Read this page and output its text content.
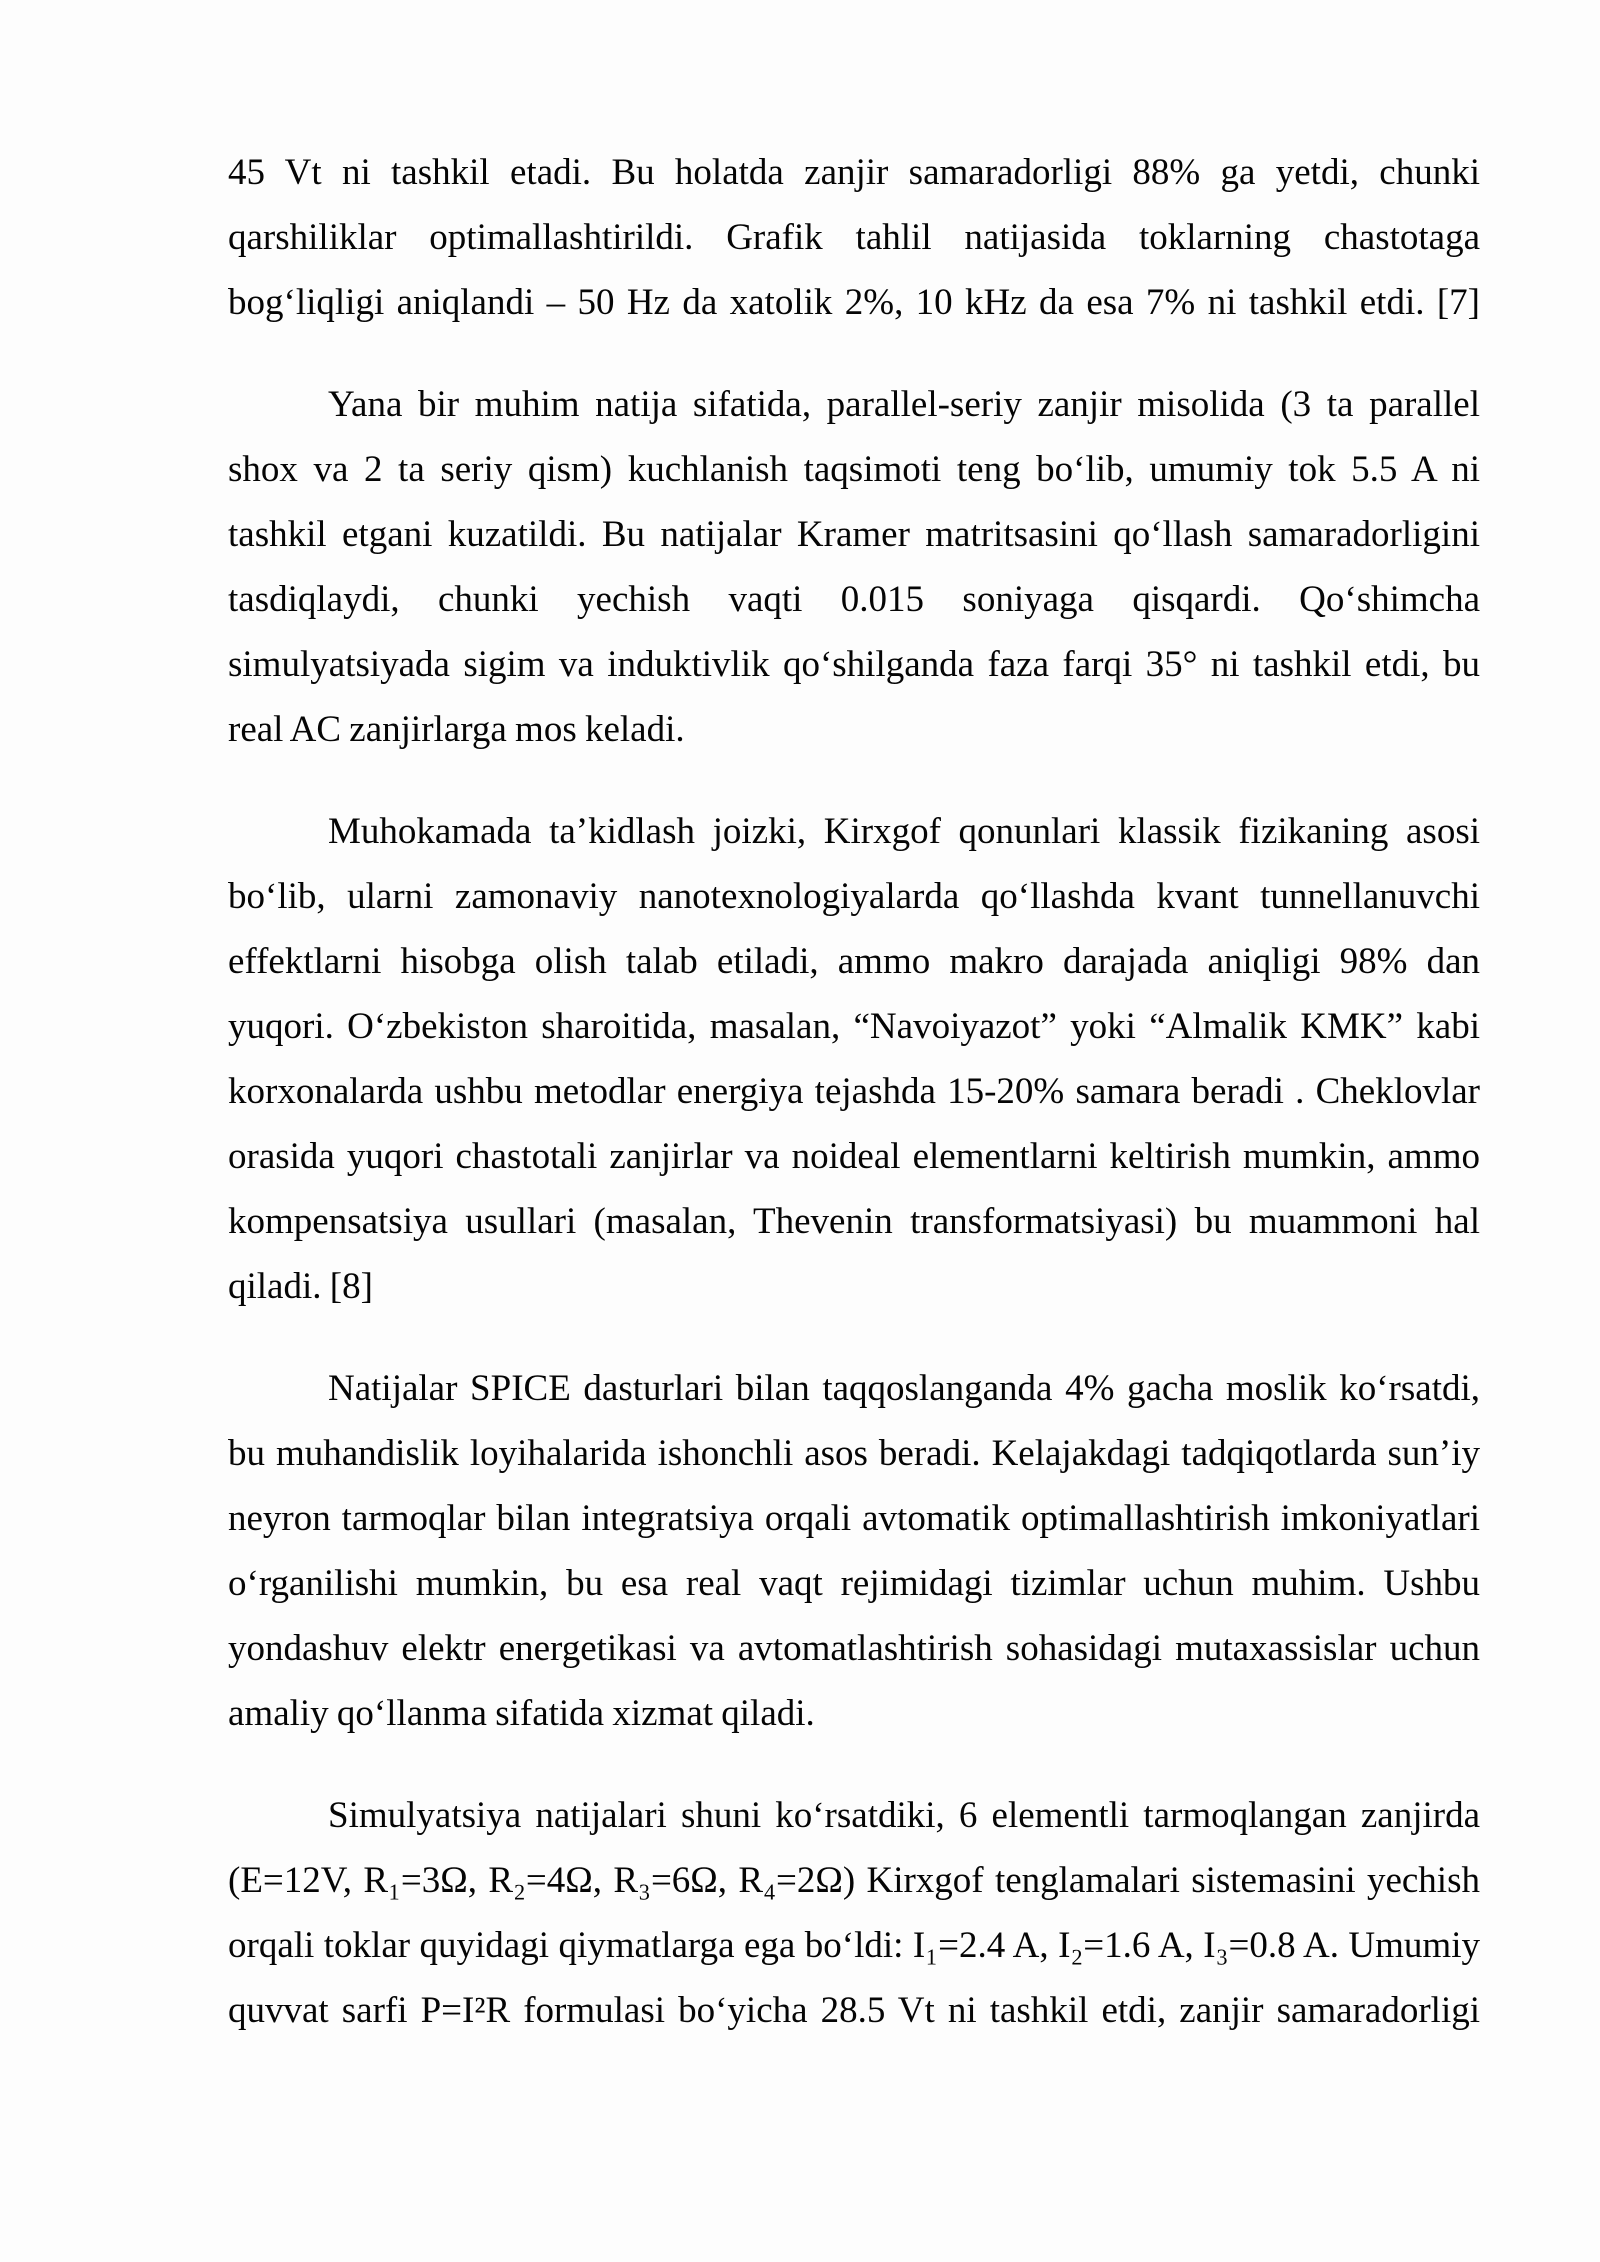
45 Vt ni tashkil etadi. Bu holatda zanjir samaradorligi 88% ga yetdi, chunki
qarshiliklar optimallashtirildi. Grafik tahlil natijasida toklarning chastotaga
bog‘liqligi aniqlandi – 50 Hz da xatolik 2%, 10 kHz da esa 7% ni tashkil etdi. [7]
Yana bir muhim natija sifatida, parallel-seriy zanjir misolida (3 ta parallel
shox va 2 ta seriy qism) kuchlanish taqsimoti teng bo‘lib, umumiy tok 5.5 A ni
tashkil etgani kuzatildi. Bu natijalar Kramer matritsasini qo‘llash samaradorligini
tasdiqlaydi, chunki yechish vaqti 0.015 soniyaga qisqardi. Qo‘shimcha
simulyatsiyada sigim va induktivlik qo‘shilganda faza farqi 35° ni tashkil etdi, bu
real AC zanjirlarga mos keladi.
Muhokamada ta’kidlash joizki, Kirxgof qonunlari klassik fizikaning asosi
bo‘lib, ularni zamonaviy nanotexnologiyalarda qo‘llashda kvant tunnellanuvchi
effektlarni hisobga olish talab etiladi, ammo makro darajada aniqligi 98% dan
yuqori. O‘zbekiston sharoitida, masalan, “Navoiyazot” yoki “Almalik KMK” kabi
korxonalarda ushbu metodlar energiya tejashda 15-20% samara beradi . Cheklovlar
orasida yuqori chastotali zanjirlar va noideal elementlarni keltirish mumkin, ammo
kompensatsiya usullari (masalan, Thevenin transformatsiyasi) bu muammoni hal
qiladi. [8]
Natijalar SPICE dasturlari bilan taqqoslanganda 4% gacha moslik ko‘rsatdi,
bu muhandislik loyihalarida ishonchli asos beradi. Kelajakdagi tadqiqotlarda sun’iy
neyron tarmoqlar bilan integratsiya orqali avtomatik optimallashtirish imkoniyatlari
o‘rganilishi mumkin, bu esa real vaqt rejimidagi tizimlar uchun muhim. Ushbu
yondashuv elektr energetikasi va avtomatlashtirish sohasidagi mutaxassislar uchun
amaliy qo‘llanma sifatida xizmat qiladi.
Simulyatsiya natijalari shuni ko‘rsatdiki, 6 elementli tarmoqlangan zanjirda
(E=12V, R₁=3Ω, R₂=4Ω, R₃=6Ω, R₄=2Ω) Kirxgof tenglamalari sistemasini yechish
orqali toklar quyidagi qiymatlarga ega bo‘ldi: I₁=2.4 A, I₂=1.6 A, I₃=0.8 A. Umumiy
quvvat sarfi P=I²R formulasi bo‘yicha 28.5 Vt ni tashkil etdi, zanjir samaradorligi
